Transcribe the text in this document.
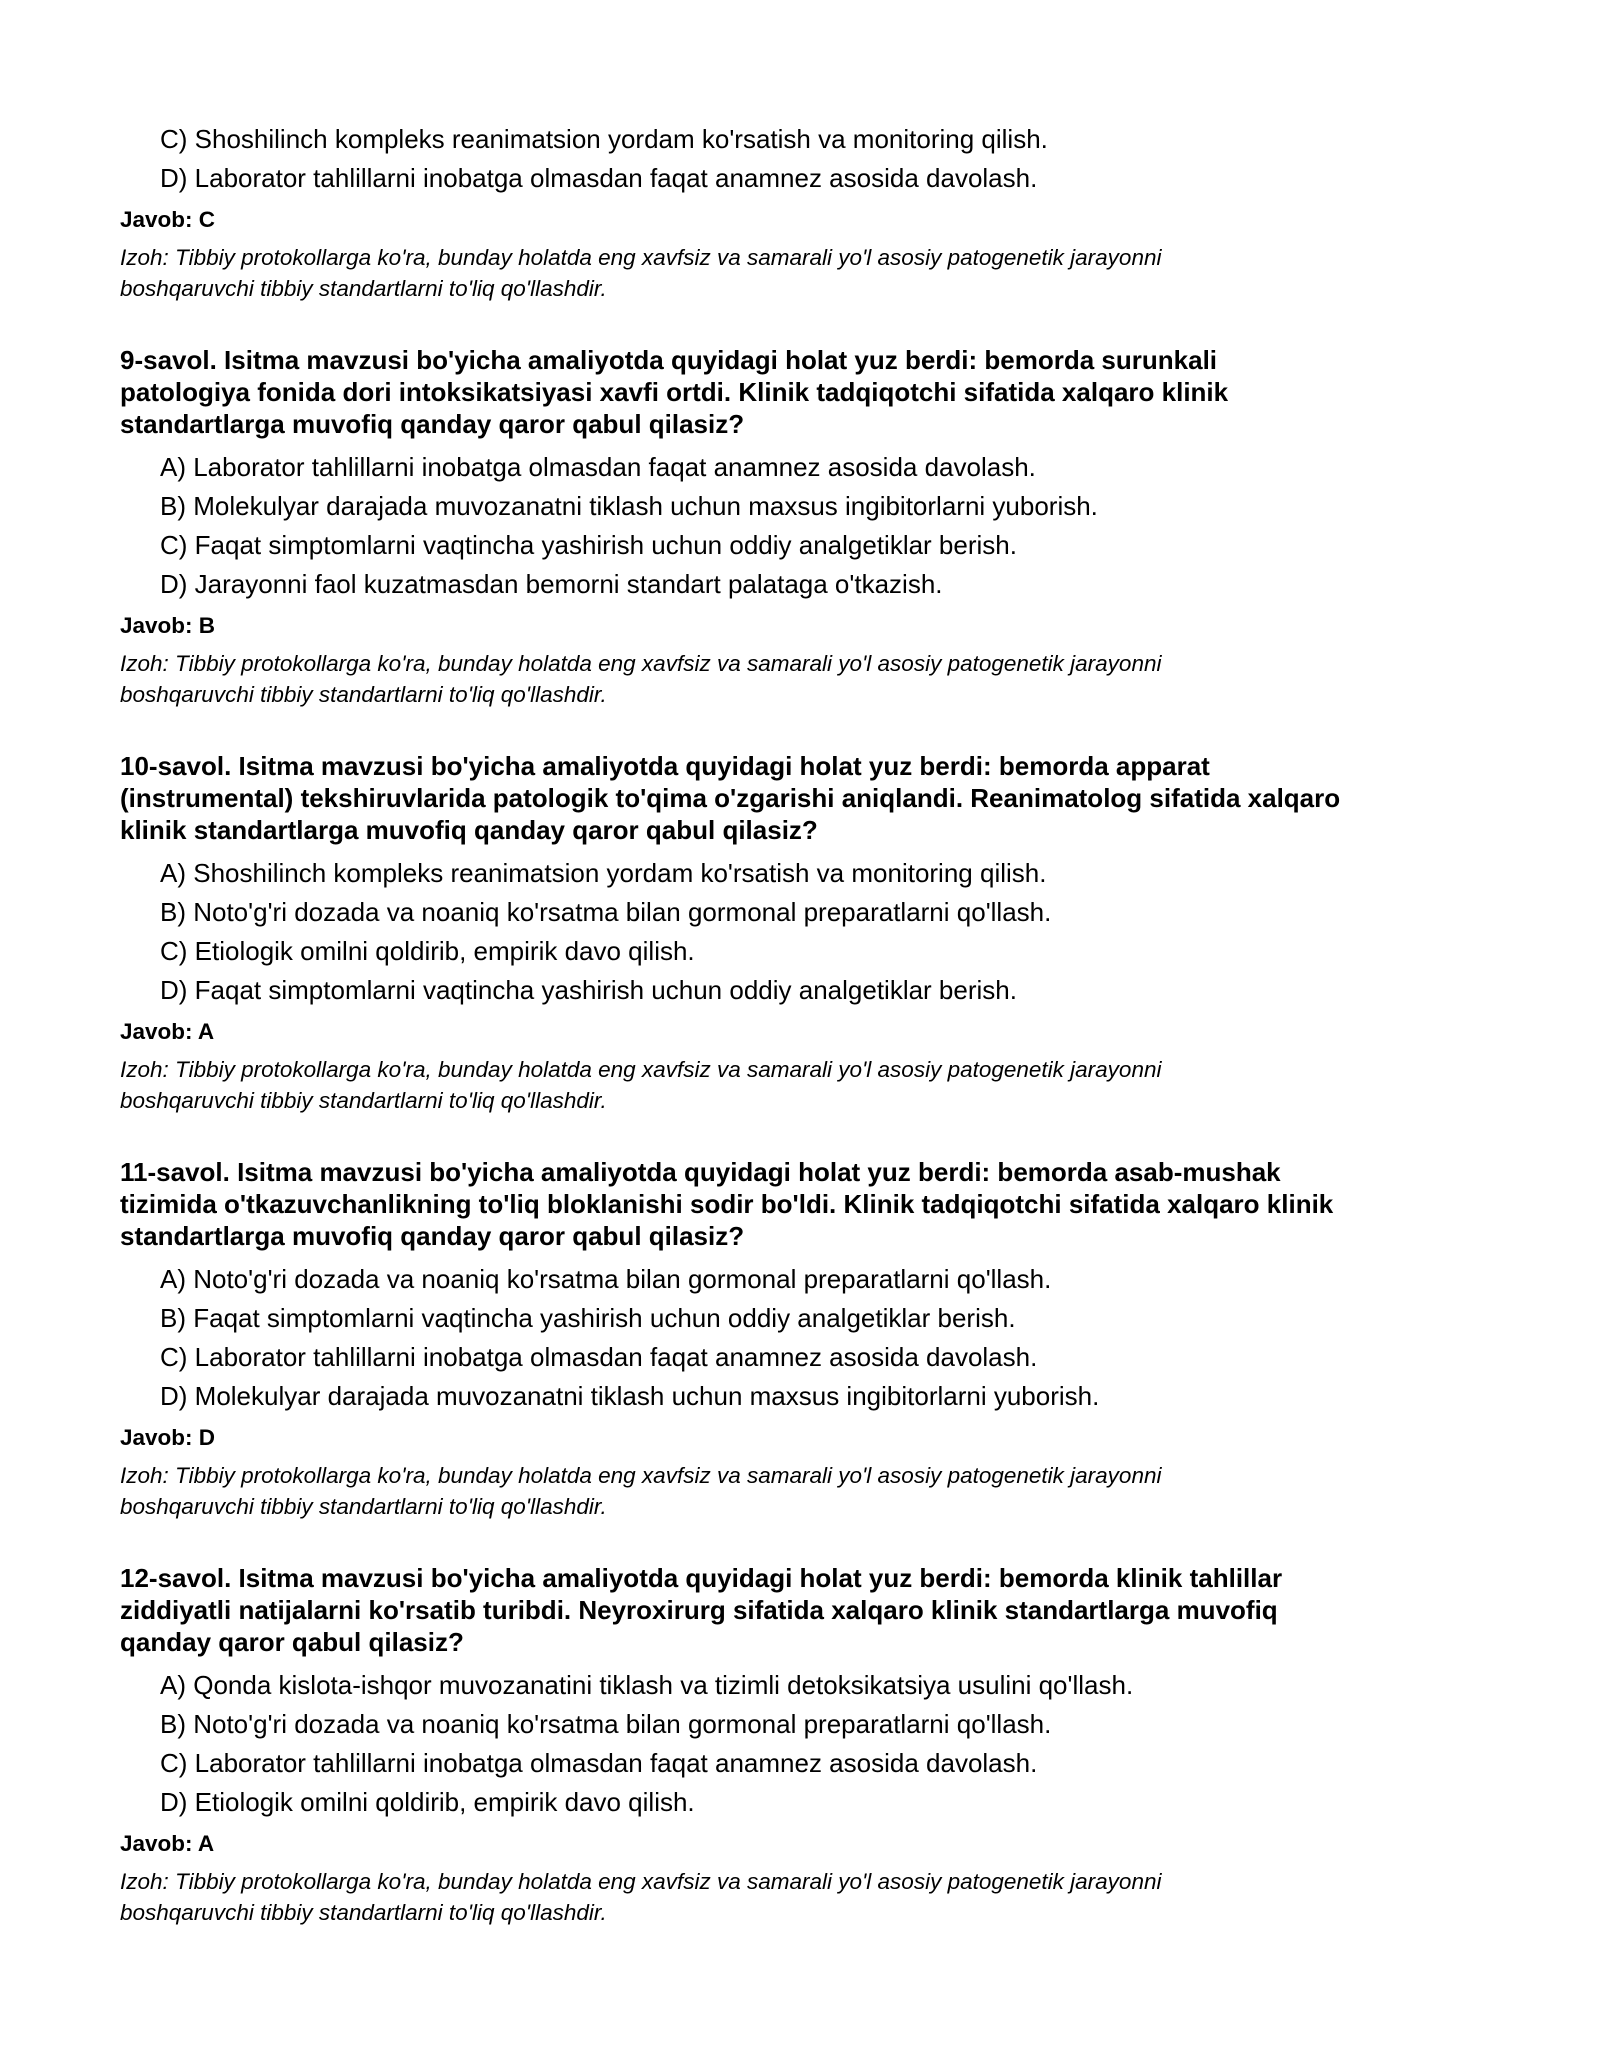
C) Shoshilinch kompleks reanimatsion yordam ko'rsatish va monitoring qilish.
D) Laborator tahlillarni inobatga olmasdan faqat anamnez asosida davolash.
Javob: C
Izoh: Tibbiy protokollarga ko'ra, bunday holatda eng xavfsiz va samarali yo'l asosiy patogenetik jarayonni
boshqaruvchi tibbiy standartlarni to'liq qo'llashdir.
9-savol. Isitma mavzusi bo'yicha amaliyotda quyidagi holat yuz berdi: bemorda surunkali
patologiya fonida dori intoksikatsiyasi xavfi ortdi. Klinik tadqiqotchi sifatida xalqaro klinik
standartlarga muvofiq qanday qaror qabul qilasiz?
A) Laborator tahlillarni inobatga olmasdan faqat anamnez asosida davolash.
B) Molekulyar darajada muvozanatni tiklash uchun maxsus ingibitorlarni yuborish.
C) Faqat simptomlarni vaqtincha yashirish uchun oddiy analgetiklar berish.
D) Jarayonni faol kuzatmasdan bemorni standart palataga o'tkazish.
Javob: B
Izoh: Tibbiy protokollarga ko'ra, bunday holatda eng xavfsiz va samarali yo'l asosiy patogenetik jarayonni
boshqaruvchi tibbiy standartlarni to'liq qo'llashdir.
10-savol. Isitma mavzusi bo'yicha amaliyotda quyidagi holat yuz berdi: bemorda apparat
(instrumental) tekshiruvlarida patologik to'qima o'zgarishi aniqlandi. Reanimatolog sifatida xalqaro
klinik standartlarga muvofiq qanday qaror qabul qilasiz?
A) Shoshilinch kompleks reanimatsion yordam ko'rsatish va monitoring qilish.
B) Noto'g'ri dozada va noaniq ko'rsatma bilan gormonal preparatlarni qo'llash.
C) Etiologik omilni qoldirib, empirik davo qilish.
D) Faqat simptomlarni vaqtincha yashirish uchun oddiy analgetiklar berish.
Javob: A
Izoh: Tibbiy protokollarga ko'ra, bunday holatda eng xavfsiz va samarali yo'l asosiy patogenetik jarayonni
boshqaruvchi tibbiy standartlarni to'liq qo'llashdir.
11-savol. Isitma mavzusi bo'yicha amaliyotda quyidagi holat yuz berdi: bemorda asab-mushak
tizimida o'tkazuvchanlikning to'liq bloklanishi sodir bo'ldi. Klinik tadqiqotchi sifatida xalqaro klinik
standartlarga muvofiq qanday qaror qabul qilasiz?
A) Noto'g'ri dozada va noaniq ko'rsatma bilan gormonal preparatlarni qo'llash.
B) Faqat simptomlarni vaqtincha yashirish uchun oddiy analgetiklar berish.
C) Laborator tahlillarni inobatga olmasdan faqat anamnez asosida davolash.
D) Molekulyar darajada muvozanatni tiklash uchun maxsus ingibitorlarni yuborish.
Javob: D
Izoh: Tibbiy protokollarga ko'ra, bunday holatda eng xavfsiz va samarali yo'l asosiy patogenetik jarayonni
boshqaruvchi tibbiy standartlarni to'liq qo'llashdir.
12-savol. Isitma mavzusi bo'yicha amaliyotda quyidagi holat yuz berdi: bemorda klinik tahlillar
ziddiyatli natijalarni ko'rsatib turibdi. Neyroxirurg sifatida xalqaro klinik standartlarga muvofiq
qanday qaror qabul qilasiz?
A) Qonda kislota-ishqor muvozanatini tiklash va tizimli detoksikatsiya usulini qo'llash.
B) Noto'g'ri dozada va noaniq ko'rsatma bilan gormonal preparatlarni qo'llash.
C) Laborator tahlillarni inobatga olmasdan faqat anamnez asosida davolash.
D) Etiologik omilni qoldirib, empirik davo qilish.
Javob: A
Izoh: Tibbiy protokollarga ko'ra, bunday holatda eng xavfsiz va samarali yo'l asosiy patogenetik jarayonni
boshqaruvchi tibbiy standartlarni to'liq qo'llashdir.
